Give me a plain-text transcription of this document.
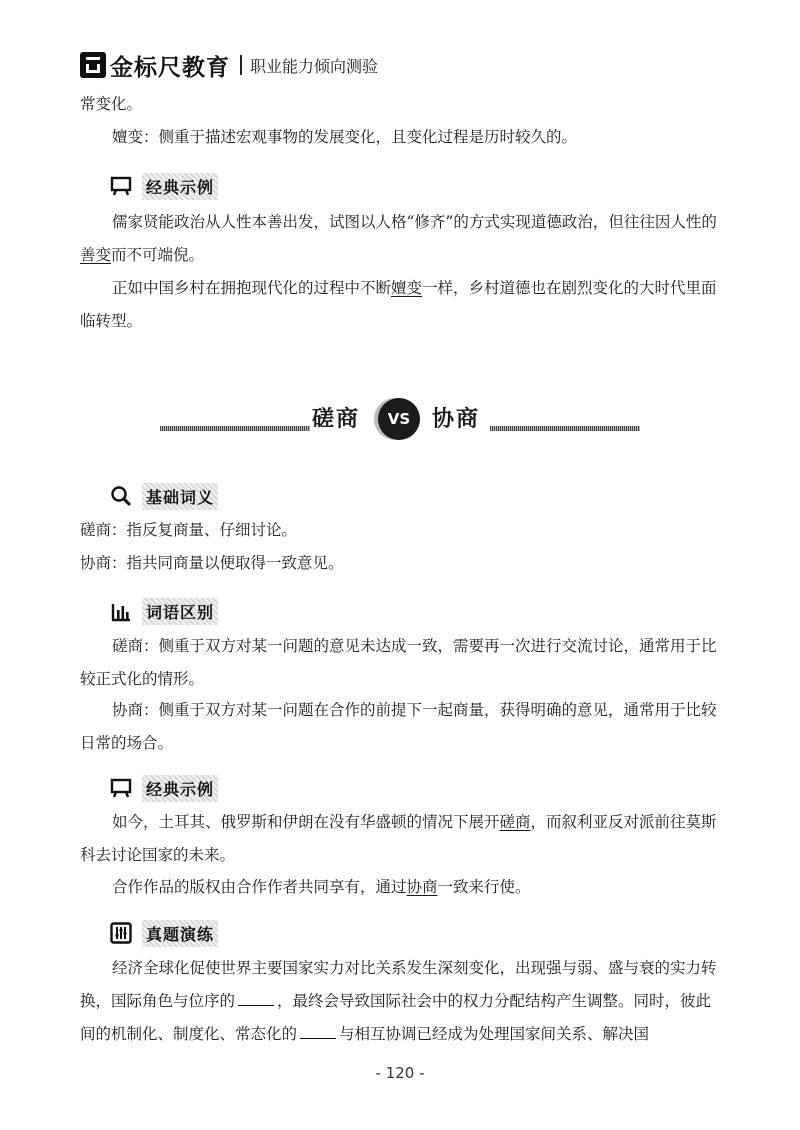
金标尺教育 职业能力倾向测验

常变化。

嬗变：侧重于描述宏观事物的发展变化，且变化过程是历时较久的。

经典示例

儒家贤能政治从人性本善出发，试图以人格“修齐”的方式实现道德政治，但往往因人性的善变而不可端倪。

正如中国乡村在拥抱现代化的过程中不断嬗变一样，乡村道德也在剧烈变化的大时代里面临转型。

磋商	VS 协商
基础词义

磋商：指反复商量、仔细讨论。

协商：指共同商量以便取得一致意见。

词语区别

磋商：侧重于双方对某一问题的意见未达成一致，需要再一次进行交流讨论，通常用于比较正式化的情形。

协商：侧重于双方对某一问题在合作的前提下一起商量，获得明确的意见，通常用于比较日常的场合。

经典示例

如今，土耳其、俄罗斯和伊朗在没有华盛顿的情况下展开磋商，而叙利亚反对派前往莫斯科去讨论国家的未来。

合作作品的版权由合作作者共同享有，通过协商一致来行使。

真题演练

经济全球化促使世界主要国家实力对比关系发生深刻变化，出现强与弱、盛与衰的实力转换，国际角色与位序的	，最终会导致国际社会中的权力分配结构产生调整。同时，彼此间的机制化、制度化、常态化的	与相互协调已经成为处理国家间关系、解决国

- 120 -
